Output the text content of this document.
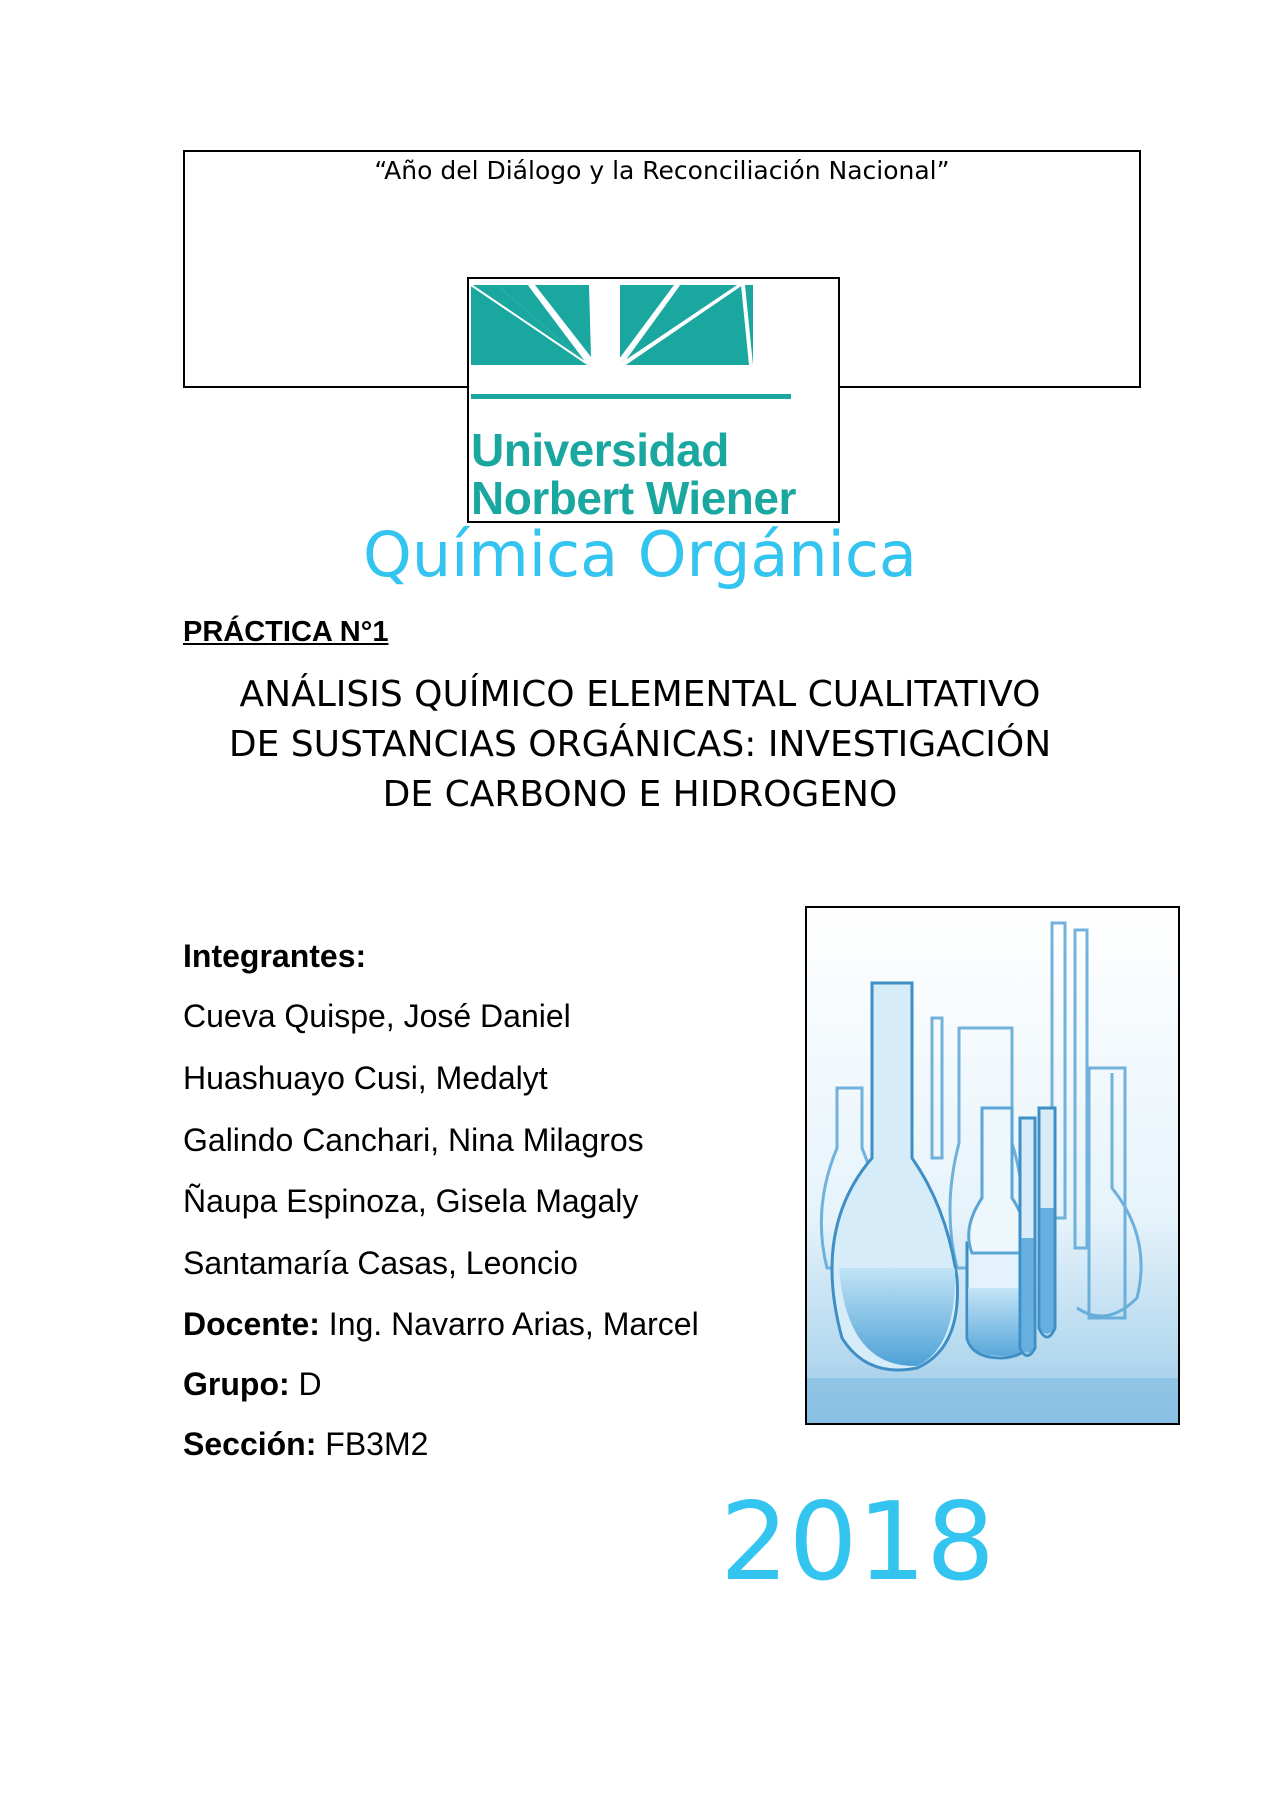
“Año del Diálogo y la Reconciliación Nacional”
Universidad
Norbert Wiener
Química Orgánica
PRÁCTICA N°1
ANÁLISIS QUÍMICO ELEMENTAL CUALITATIVO
DE SUSTANCIAS ORGÁNICAS: INVESTIGACIÓN
DE CARBONO E HIDROGENO
Integrantes:
Cueva Quispe, José Daniel
Huashuayo Cusi, Medalyt
Galindo Canchari, Nina Milagros
Ñaupa Espinoza, Gisela Magaly
Santamaría Casas, Leoncio
Docente: Ing. Navarro Arias, Marcel
Grupo: D
Sección: FB3M2
2018
